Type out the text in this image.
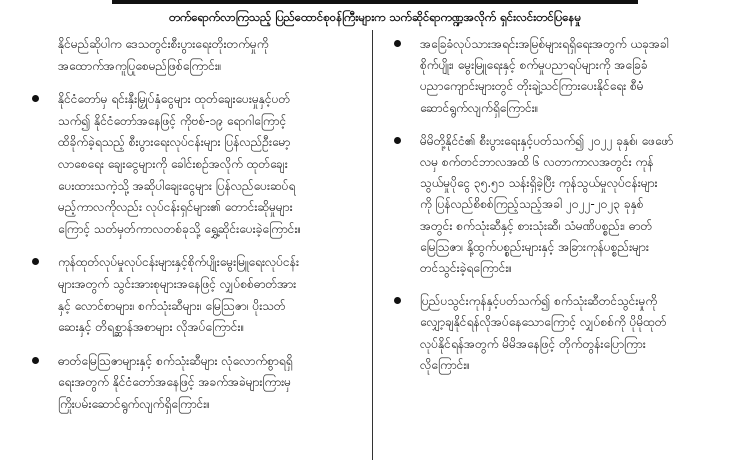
တက်ရောက်လာကြသည့် ပြည်ထောင်စုဝန်ကြီးများက သက်ဆိုင်ရာကဏ္ဍအလိုက် ရှင်းလင်းတင်ပြနေမှု
နိုင်မည်ဆိုပါက ဒေသတွင်းစီးပွားရေးတိုးတက်မှုကို
အထောက်အကူပြုစေမည်ဖြစ်ကြောင်း။
နိုင်ငံတော်မှ ရင်းနှီးမြှုပ်နှံငွေများ ထုတ်ချေးပေးမှုနှင့်ပတ်
သက်၍ နိုင်ငံတော်အနေဖြင့် ကိုဗစ်-၁၉ ရောဂါကြောင့်
ထိခိုက်ခဲ့ရသည့် စီးပွားရေးလုပ်ငန်းများ ပြန်လည်ဦးမော့
လာစေရေး ချေးငွေများကို ခေါင်းစဉ်အလိုက် ထုတ်ချေး
ပေးထားသကဲ့သို့ အဆိုပါချေးငွေများ ပြန်လည်ပေးဆပ်ရ
မည့်ကာလကိုလည်း လုပ်ငန်းရှင်များ၏ တောင်းဆိုမှုများ
ကြောင့် သတ်မှတ်ကာလတစ်ခုသို့ ရွှေ့ဆိုင်းပေးခဲ့ကြောင်း။
ကုန်ထုတ်လုပ်မှုလုပ်ငန်းများနှင့်စိုက်ပျိုးမွေးမြူရေးလုပ်ငန်း
များအတွက် သွင်းအားစုများအနေဖြင့် လျှပ်စစ်ဓာတ်အား
နှင့် လောင်စာများ၊ စက်သုံးဆီများ၊ မြေဩဇာ၊ ပိုးသတ်
ဆေးနှင့် တိရစ္ဆာန်အစာများ လိုအပ်ကြောင်း။
ဓာတ်မြေဩဇာများနှင့် စက်သုံးဆီများ လုံလောက်စွာရရှိ
ရေးအတွက် နိုင်ငံတော်အနေဖြင့် အခက်အခဲများကြားမှ
ကြိုးပမ်းဆောင်ရွက်လျက်ရှိကြောင်း။
အခြေခံလုပ်သားအရင်းအမြစ်များရရှိရေးအတွက် ယခုအခါ
စိုက်ပျိုး၊ မွေးမြူရေးနှင့် စက်မှုပညာရပ်များကို အခြေခံ
ပညာကျောင်းများတွင် တိုးချဲ့သင်ကြားပေးနိုင်ရေး စီမံ
ဆောင်ရွက်လျက်ရှိကြောင်း။
မိမိတို့နိုင်ငံ၏ စီးပွားရေးနှင့်ပတ်သက်၍ ၂၀၂၂ ခုနှစ်၊ ဖေဖော်
လမှ စက်တင်ဘာလအထိ ၆ လတာကာလအတွင်း ကုန်
သွယ်မှုပိုငွေ ၃၅.၅၁ သန်းရှိခဲ့ပြီး ကုန်သွယ်မှုလုပ်ငန်းများ
ကို ပြန်လည်စိစစ်ကြည့်သည့်အခါ ၂၀၂၂-၂၀၂၃ ခုနှစ်
အတွင်း စက်သုံးဆီနှင့် စားသုံးဆီ၊ သံမဏိပစ္စည်း၊ ဓာတ်
မြေဩဇာ၊ နို့ထွက်ပစ္စည်းများနှင့် အခြားကုန်ပစ္စည်းများ
တင်သွင်းခဲ့ရကြောင်း။
ပြည်ပသွင်းကုန်နှင့်ပတ်သက်၍ စက်သုံးဆီတင်သွင်းမှုကို
လျှော့ချနိုင်ရန်လိုအပ်နေသောကြောင့် လျှပ်စစ်ကို ပိုမိုထုတ်
လုပ်နိုင်ရန်အတွက် မိမိအနေဖြင့် တိုက်တွန်းပြောကြား
လိုကြောင်း။
